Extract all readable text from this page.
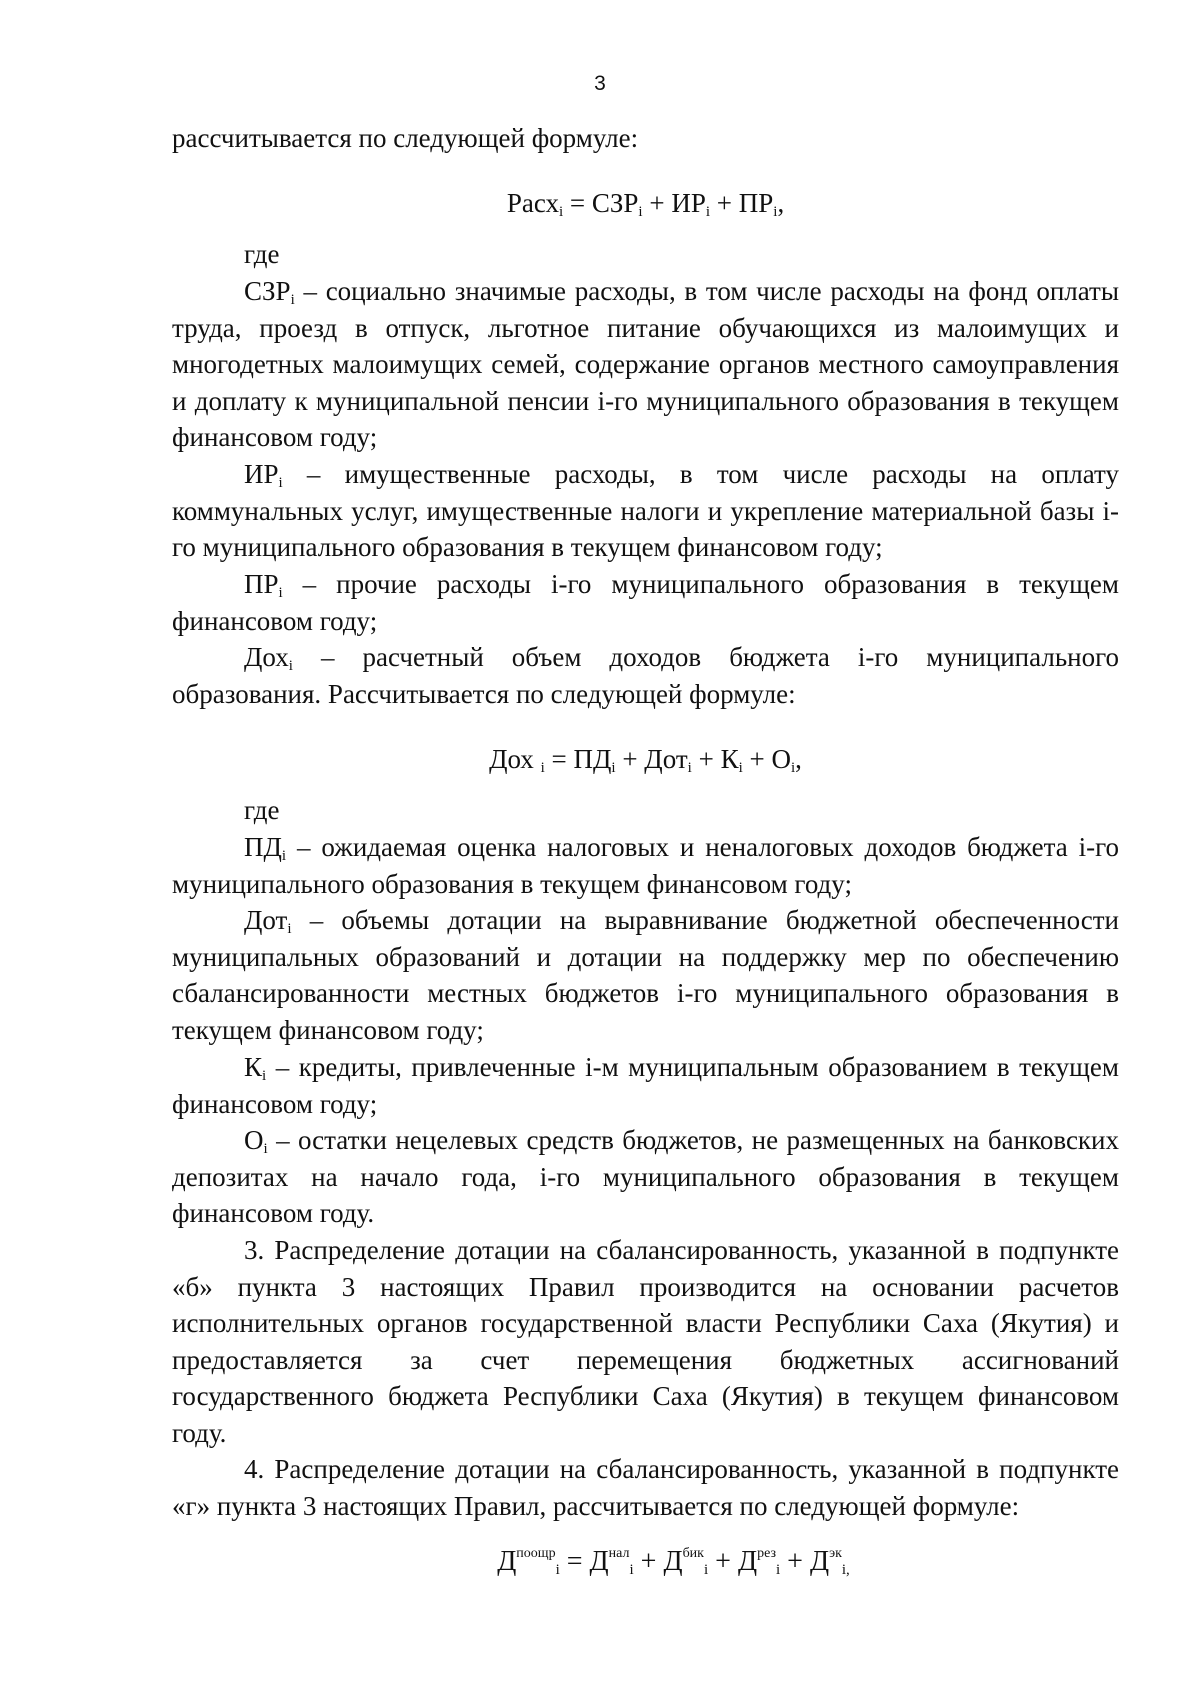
3

рассчитывается по следующей формуле:

Расх$_i$ = $СЗР_i + ИР_i + ПР_i$,

где

$СЗР_i$ – социально значимые расходы, в том числе расходы на фонд оплаты труда, проезд в отпуск, льготное питание обучающихся из малоимущих и многодетных малоимущих семей, содержание органов местного самоуправления и доплату к муниципальной пенсии i-го муниципального образования в текущем финансовом году;

$ИР_i$ – имущественные расходы, в том числе расходы на оплату коммунальных услуг, имущественные налоги и укрепление материальной базы i-го муниципального образования в текущем финансовом году;

$ПР_i$ – прочие расходы i-го муниципального образования в текущем финансовом году;

Дох$_i$ – расчетный объем доходов бюджета i-го муниципального образования. Рассчитывается по следующей формуле:

Дох $_i = ПД_i + Дот_i + К_i + О_i$,

где

$ПД_i$ – ожидаемая оценка налоговых и неналоговых доходов бюджета i-го муниципального образования в текущем финансовом году;

Дот$_i$ – объемы дотации на выравнивание бюджетной обеспеченности муниципальных образований и дотации на поддержку мер по обеспечению сбалансированности местных бюджетов i-го муниципального образования в текущем финансовом году;

$К_i$ – кредиты, привлеченные i-м муниципальным образованием в текущем финансовом году;

$О_i$ – остатки нецелевых средств бюджетов, не размещенных на банковских депозитах на начало года, i-го муниципального образования в текущем финансовом году.

3. Распределение дотации на сбалансированность, указанной в подпункте «б» пункта 3 настоящих Правил производится на основании расчетов исполнительных органов государственной власти Республики Саха (Якутия) и предоставляется за счет перемещения бюджетных ассигнований государственного бюджета Республики Саха (Якутия) в текущем финансовом году.

4. Распределение дотации на сбалансированность, указанной в подпункте «г» пункта 3 настоящих Правил, рассчитывается по следующей формуле:

$Д^{поощр}_i = Д^{нал}_i + Д^{бик}_i + Д^{рез}_i + Д^{эк}_{i,}$
